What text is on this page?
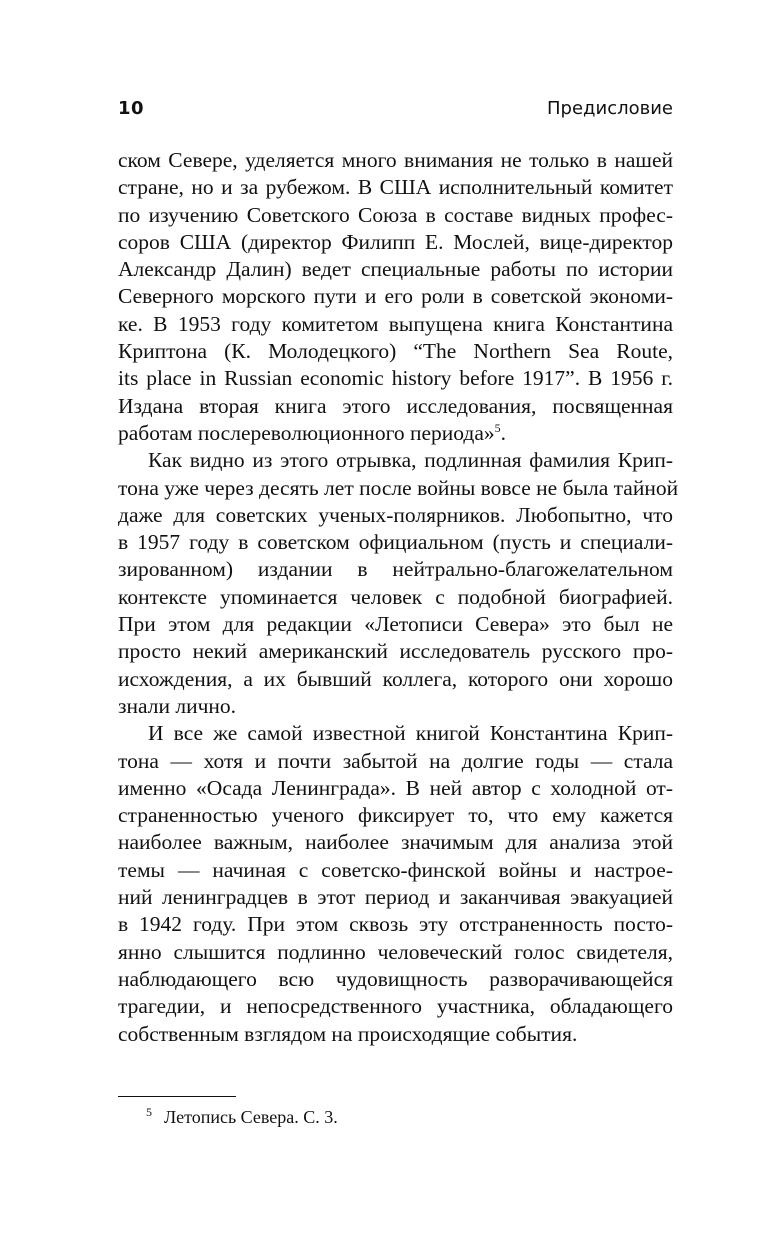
10	Предисловие
ском Севере, уделяется много внимания не только в нашей
стране, но и за рубежом. В США исполнительный комитет
по изучению Советского Союза в составе видных профес-
соров США (директор Филипп Е. Мослей, вице-директор
Александр Далин) ведет специальные работы по истории
Северного морского пути и его роли в советской экономи-
ке. В 1953 году комитетом выпущена книга Константина
Криптона (К. Молодецкого) “The Northern Sea Route,
its place in Russian economic history before 1917”. В 1956 г.
Издана вторая книга этого исследования, посвященная
работам послереволюционного периода»$^5$.
Как видно из этого отрывка, подлинная фамилия Крип-
тона уже через десять лет после войны вовсе не была тайной
даже для советских ученых-полярников. Любопытно, что
в 1957 году в советском официальном (пусть и специали-
зированном) издании в нейтрально-благожелательном
контексте упоминается человек с подобной биографией.
При этом для редакции «Летописи Севера» это был не
просто некий американский исследователь русского про-
исхождения, а их бывший коллега, которого они хорошо
знали лично.
И все же самой известной книгой Константина Крип-
тона — хотя и почти забытой на долгие годы — стала
именно «Осада Ленинграда». В ней автор с холодной от-
страненностью ученого фиксирует то, что ему кажется
наиболее важным, наиболее значимым для анализа этой
темы — начиная с советско-финской войны и настрое-
ний ленинградцев в этот период и заканчивая эвакуацией
в 1942 году. При этом сквозь эту отстраненность посто-
янно слышится подлинно человеческий голос свидетеля,
наблюдающего всю чудовищность разворачивающейся
трагедии, и непосредственного участника, обладающего
собственным взглядом на происходящие события.
$^5$ Летопись Севера. С. 3.
